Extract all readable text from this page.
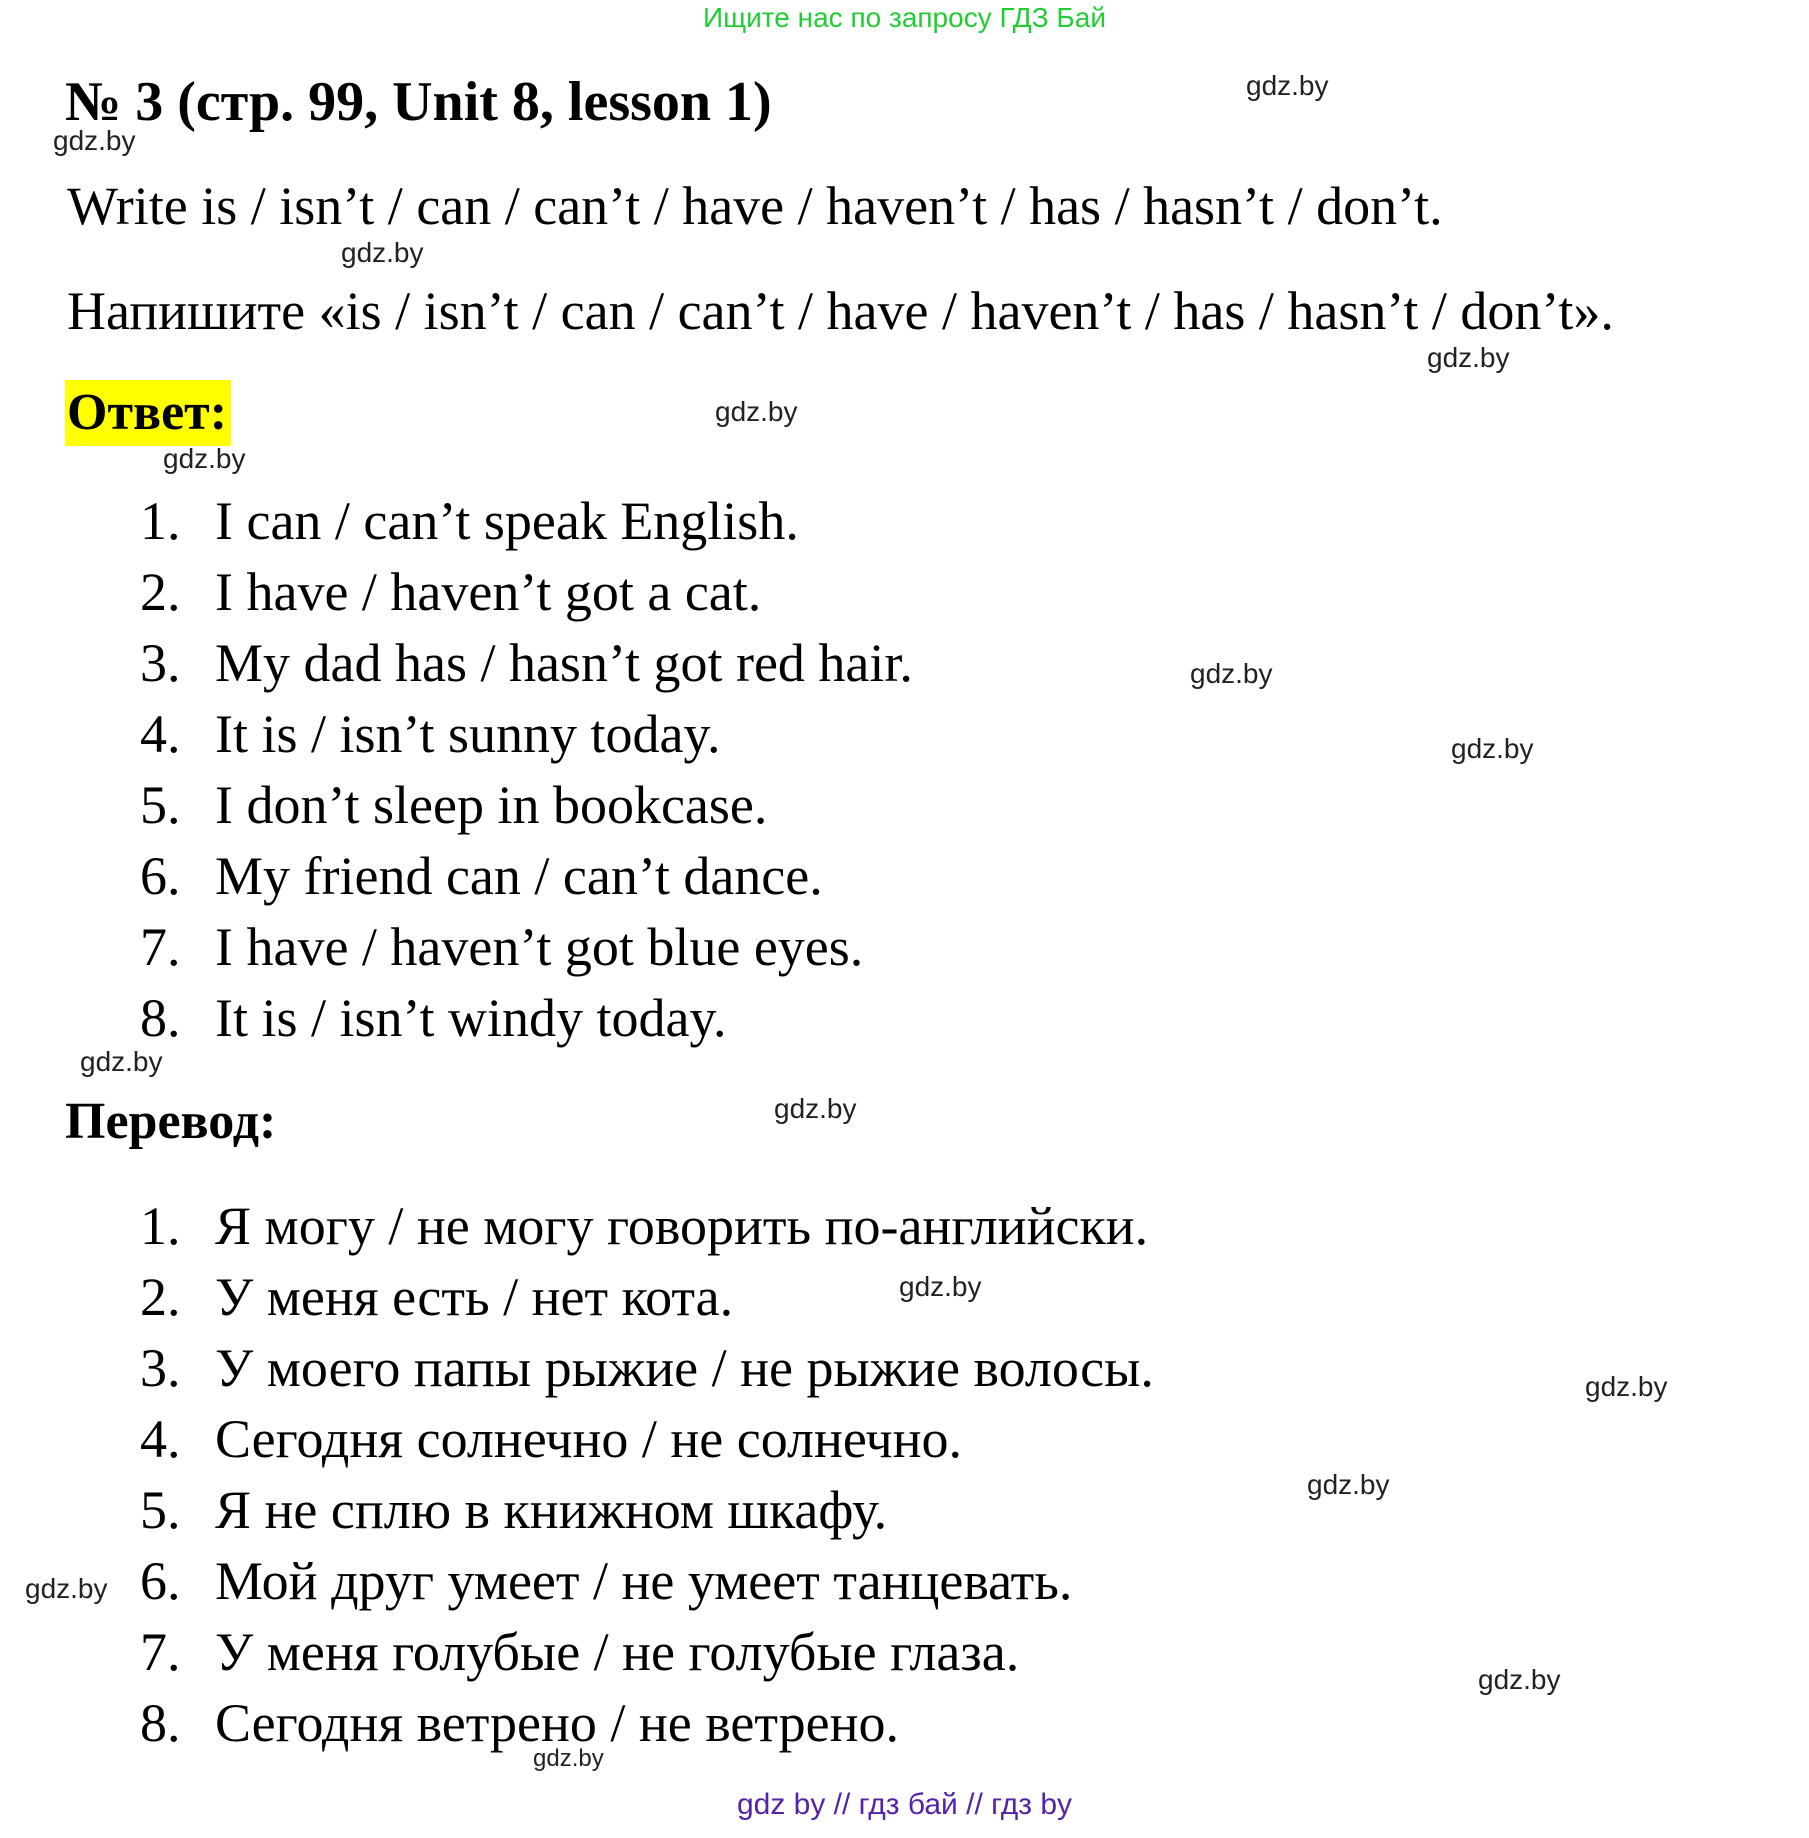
Ищите нас по запросу ГДЗ Бай
№ 3 (стр. 99, Unit 8, lesson 1)
Write is / isn’t / can / can’t / have / haven’t / has / hasn’t / don’t.
Напишите «is / isn’t / can / can’t / have / haven’t / has / hasn’t / don’t».
Ответ:
1. I can / can’t speak English.
2. I have / haven’t got a cat.
3. My dad has / hasn’t got red hair.
4. It is / isn’t sunny today.
5. I don’t sleep in bookcase.
6. My friend can / can’t dance.
7. I have / haven’t got blue eyes.
8. It is / isn’t windy today.
Перевод:
1. Я могу / не могу говорить по-английски.
2. У меня есть / нет кота.
3. У моего папы рыжие / не рыжие волосы.
4. Сегодня солнечно / не солнечно.
5. Я не сплю в книжном шкафу.
6. Мой друг умеет / не умеет танцевать.
7. У меня голубые / не голубые глаза.
8. Сегодня ветрено / не ветрено.
gdz.by
gdz.by
gdz.by
gdz.by
gdz.by
gdz.by
gdz.by
gdz.by
gdz.by
gdz.by
gdz.by
gdz.by
gdz.by
gdz.by
gdz.by
gdz.by
gdz by // гдз бай // гдз by
